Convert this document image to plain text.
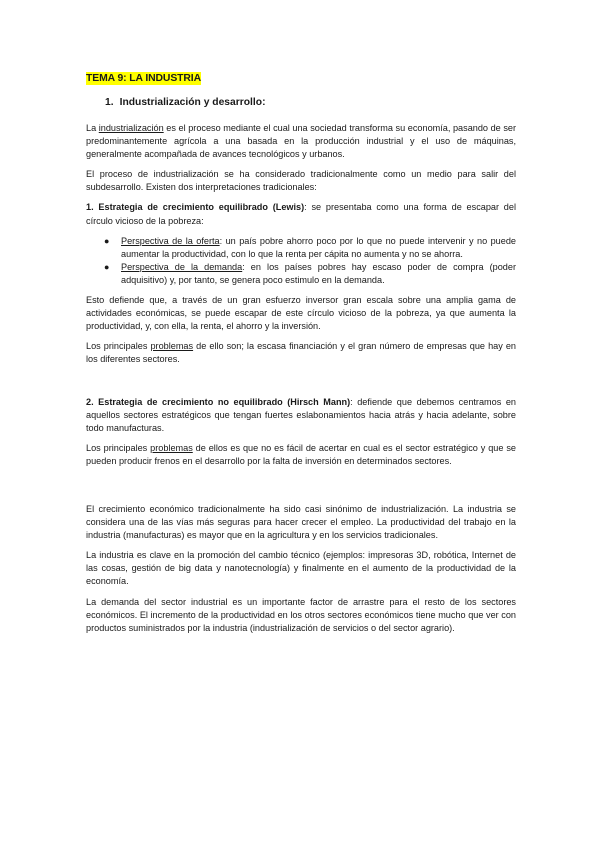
TEMA 9: LA INDUSTRIA
1. Industrialización y desarrollo:

La industrialización es el proceso mediante el cual una sociedad transforma su economía, pasando de ser predominantemente agrícola a una basada en la producción industrial y el uso de máquinas, generalmente acompañada de avances tecnológicos y urbanos.

El proceso de industrialización se ha considerado tradicionalmente como un medio para salir del subdesarrollo. Existen dos interpretaciones tradicionales:

1. Estrategia de crecimiento equilibrado (Lewis): se presentaba como una forma de escapar del círculo vicioso de la pobreza:

● Perspectiva de la oferta: un país pobre ahorro poco por lo que no puede intervenir y no puede aumentar la productividad, con lo que la renta per cápita no aumenta y no se ahorra.
● Perspectiva de la demanda: en los países pobres hay escaso poder de compra (poder adquisitivo) y, por tanto, se genera poco estimulo en la demanda.

Esto defiende que, a través de un gran esfuerzo inversor gran escala sobre una amplia gama de actividades económicas, se puede escapar de este círculo vicioso de la pobreza, ya que aumenta la productividad, y, con ella, la renta, el ahorro y la inversión.

Los principales problemas de ello son; la escasa financiación y el gran número de empresas que hay en los diferentes sectores.

2. Estrategia de crecimiento no equilibrado (Hirsch Mann): defiende que debemos centramos en aquellos sectores estratégicos que tengan fuertes eslabonamientos hacia atrás y hacia adelante, sobre todo manufacturas.

Los principales problemas de ellos es que no es fácil de acertar en cual es el sector estratégico y que se pueden producir frenos en el desarrollo por la falta de inversión en determinados sectores.

El crecimiento económico tradicionalmente ha sido casi sinónimo de industrialización. La industria se considera una de las vías más seguras para hacer crecer el empleo. La productividad del trabajo en la industria (manufacturas) es mayor que en la agricultura y en los servicios tradicionales.

La industria es clave en la promoción del cambio técnico (ejemplos: impresoras 3D, robótica, Internet de las cosas, gestión de big data y nanotecnología) y finalmente en el aumento de la productividad de la economía.

La demanda del sector industrial es un importante factor de arrastre para el resto de los sectores económicos. El incremento de la productividad en los otros sectores económicos tiene mucho que ver con productos suministrados por la industria (industrialización de servicios o del sector agrario).
